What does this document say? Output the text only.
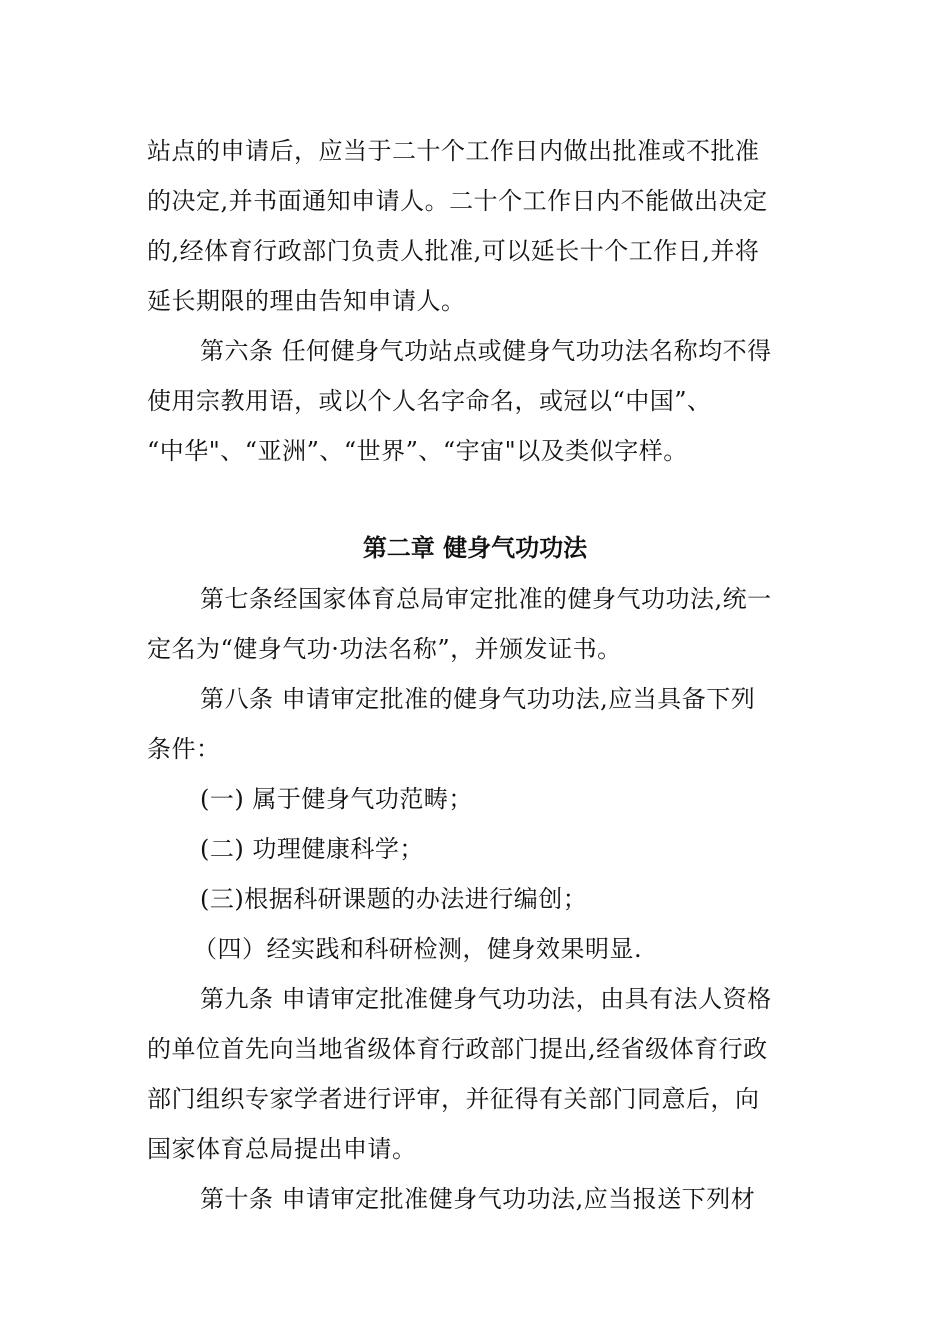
站点的申请后，应当于二十个工作日内做出批准或不批准
的决定,并书面通知申请人。二十个工作日内不能做出决定
的,经体育行政部门负责人批准,可以延长十个工作日,并将
延长期限的理由告知申请人。
第六条 任何健身气功站点或健身气功功法名称均不得
使用宗教用语，或以个人名字命名，或冠以“中国”、
“中华"、“亚洲”、“世界”、“宇宙"以及类似字样。
第二章 健身气功功法
第七条经国家体育总局审定批准的健身气功功法,统一
定名为“健身气功·功法名称”，并颁发证书。
第八条 申请审定批准的健身气功功法,应当具备下列
条件：
(一) 属于健身气功范畴；
(二) 功理健康科学；
(三)根据科研课题的办法进行编创；
（四）经实践和科研检测，健身效果明显.
第九条 申请审定批准健身气功功法，由具有法人资格
的单位首先向当地省级体育行政部门提出,经省级体育行政
部门组织专家学者进行评审，并征得有关部门同意后，向
国家体育总局提出申请。
第十条 申请审定批准健身气功功法,应当报送下列材
